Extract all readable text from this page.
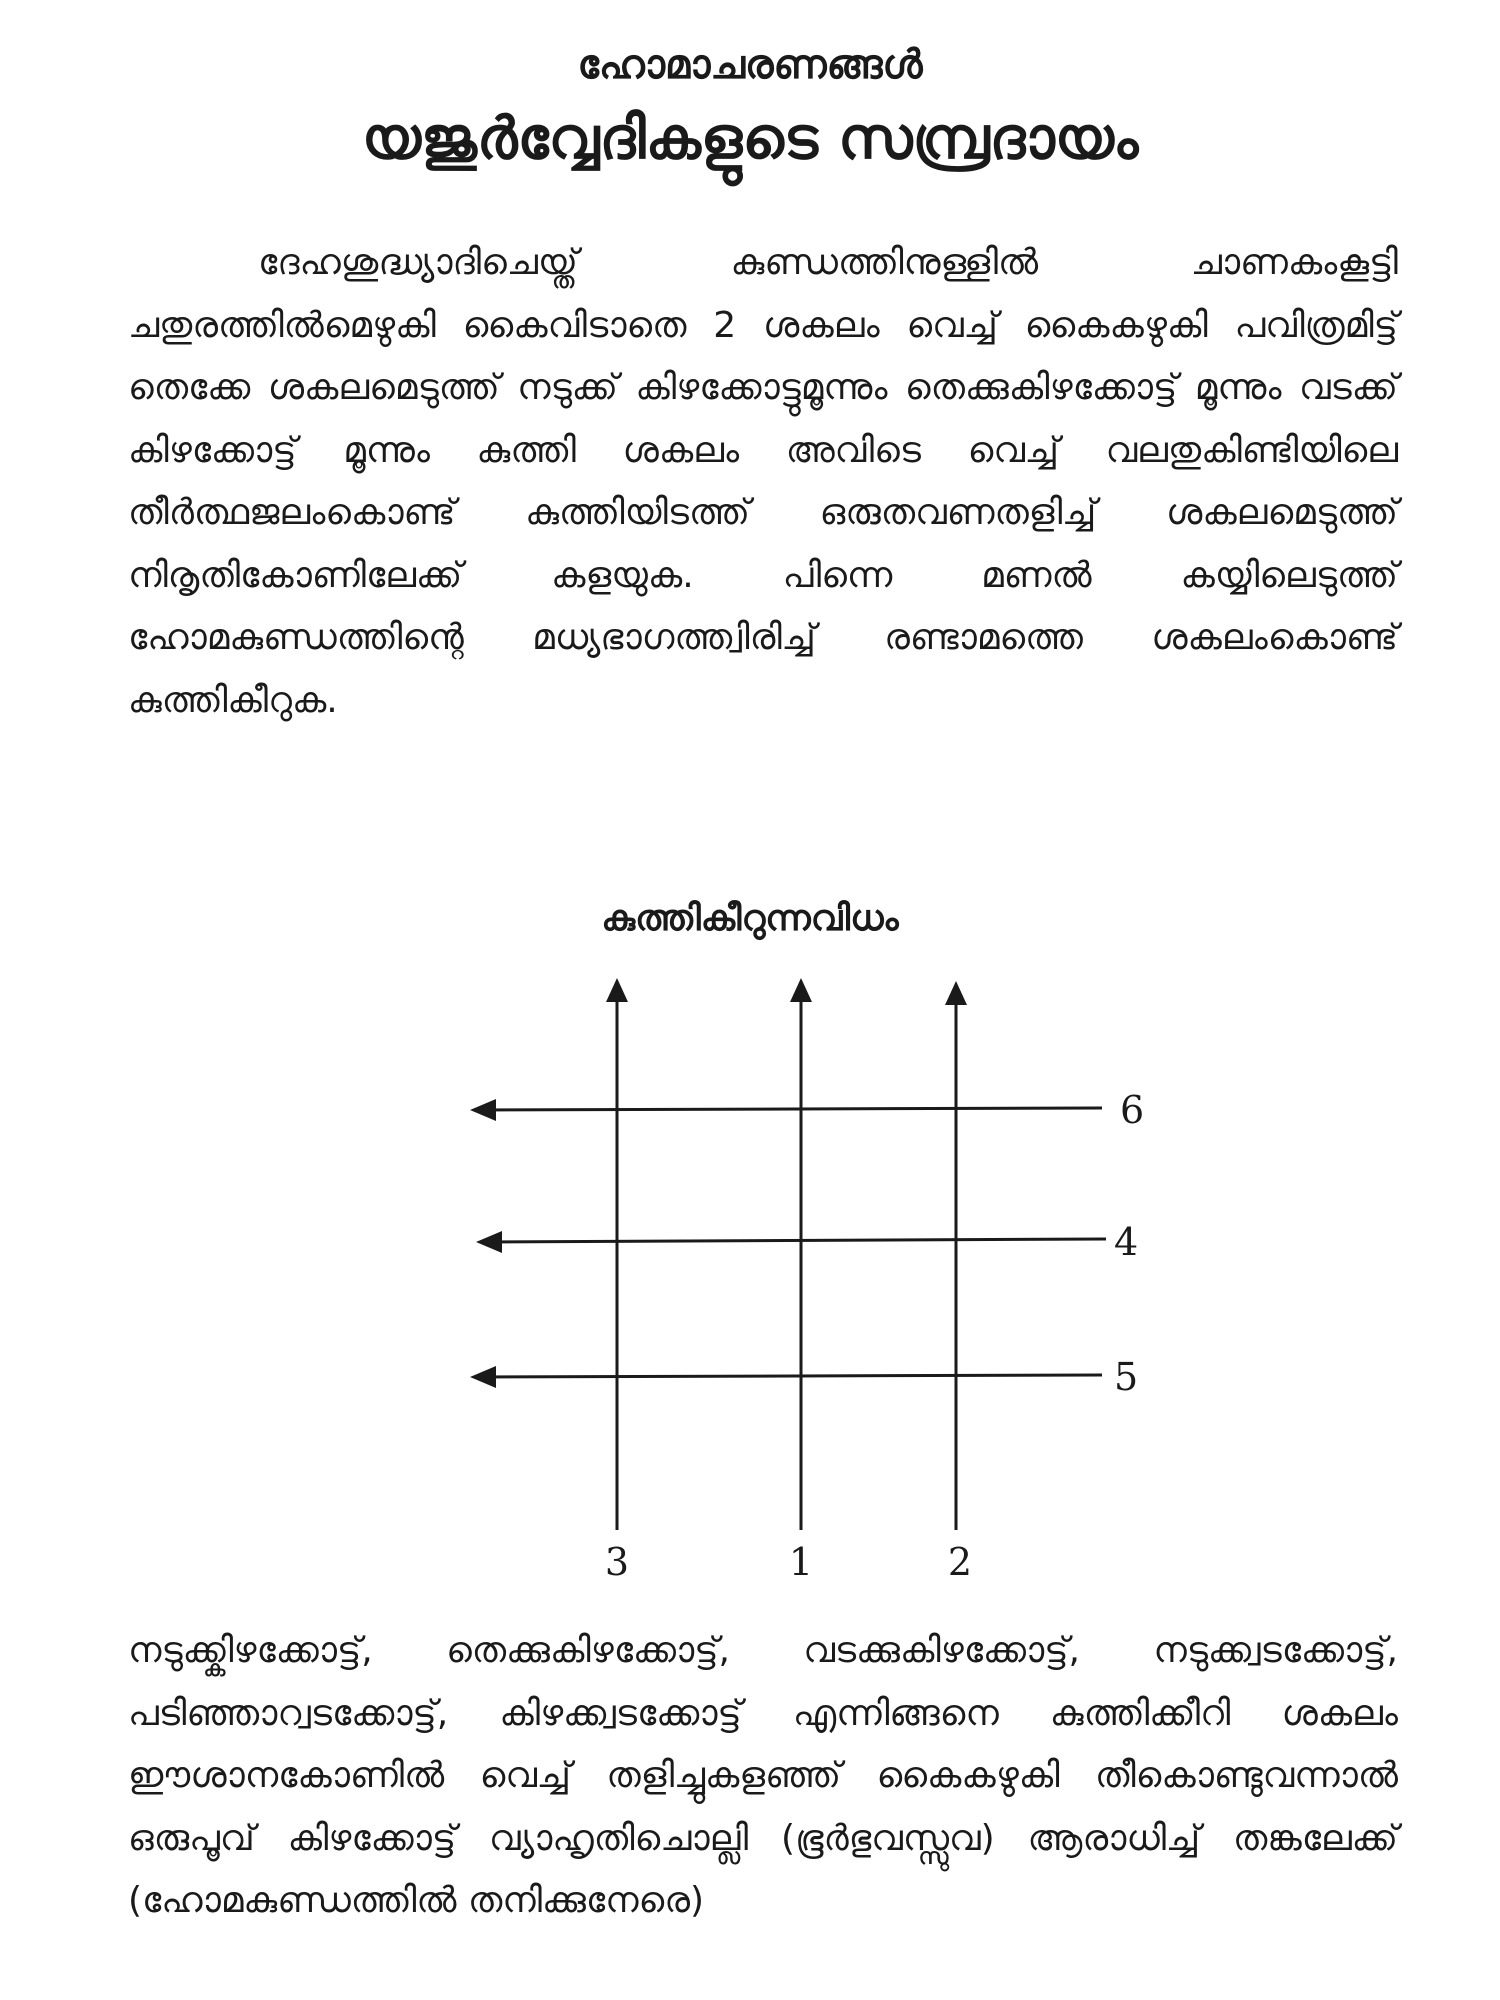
ഹോമാചരണങ്ങൾ
യജുർവ്വേദികളുടെ സമ്പ്രദായം

ദേഹശുദ്ധ്യാദിചെയ്ത് കുണ്ഡത്തിനുള്ളിൽ ചാണകംകൂട്ടി ചതുരത്തിൽമെഴുകി കൈവിടാതെ 2 ശകലം വെച്ച് കൈകഴുകി പവിത്രമിട്ട് തെക്കേ ശകലമെടുത്ത് നടുക്ക് കിഴക്കോട്ടുമൂന്നും തെക്കുകിഴക്കോട്ട് മൂന്നും വടക്ക് കിഴക്കോട്ട് മൂന്നും കുത്തി ശകലം അവിടെ വെച്ച് വലതുകിണ്ടിയിലെ തീർത്ഥജലംകൊണ്ട് കുത്തിയിടത്ത് ഒരുതവണതളിച്ച് ശകലമെടുത്ത് നിരൃതികോണിലേക്ക് കളയുക. പിന്നെ മണൽ കയ്യിലെടുത്ത് ഹോമകുണ്ഡത്തിന്റെ മധ്യഭാഗത്ത്വിരിച്ച് രണ്ടാമത്തെ ശകലംകൊണ്ട് കുത്തികീറുക.

കുത്തികീറുന്നവിധം
3	1	2
6
4
5

നടുക്ക്കിഴക്കോട്ട്, തെക്കുകിഴക്കോട്ട്, വടക്കുകിഴക്കോട്ട്, നടുക്ക്വടക്കോട്ട്, പടിഞ്ഞാറ്വടക്കോട്ട്, കിഴക്ക്വടക്കോട്ട് എന്നിങ്ങനെ കുത്തിക്കീറി ശകലം ഈശാനകോണിൽ വെച്ച് തളിച്ചുകളഞ്ഞ് കൈകഴുകി തീകൊണ്ടുവന്നാൽ ഒരുപൂവ് കിഴക്കോട്ട് വ്യാഹൃതിചൊല്ലി (ഭൂർഭുവസ്സുവ) ആരാധിച്ച് തങ്കലേക്ക് (ഹോമകുണ്ഡത്തിൽ തനിക്കുനേരെ)
